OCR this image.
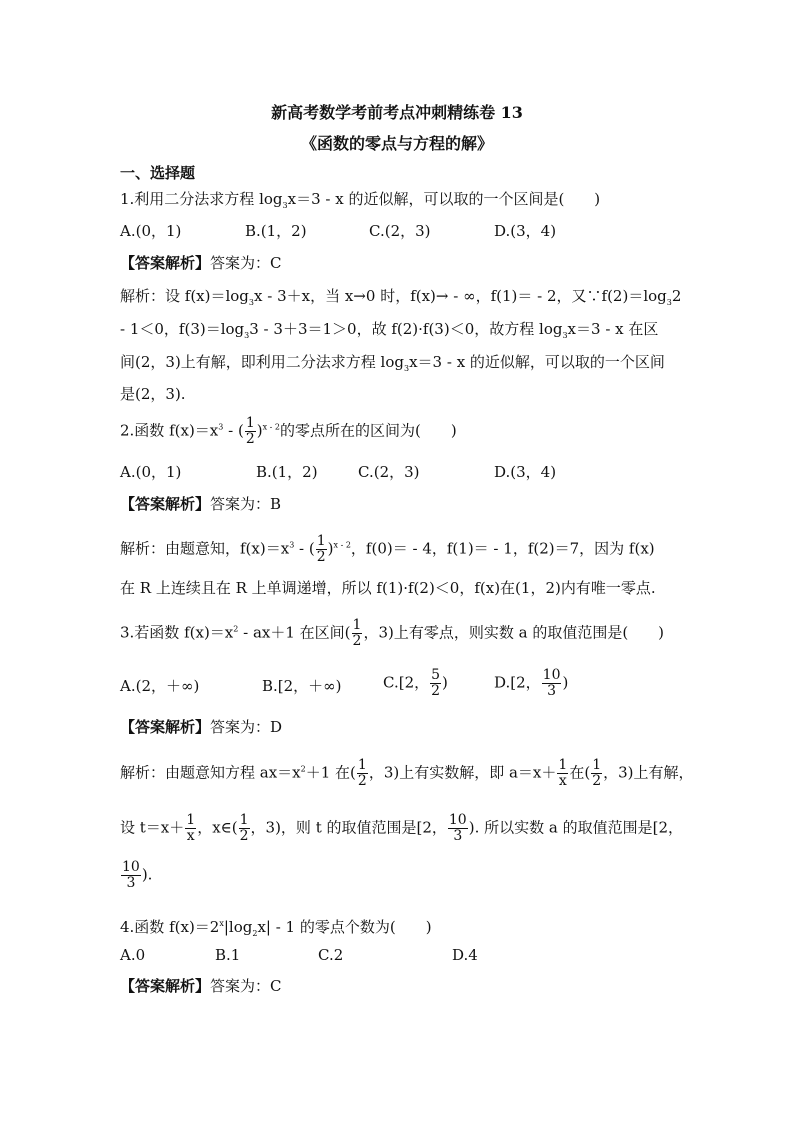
新高考数学考前考点冲刺精练卷 13
《函数的零点与方程的解》
一、选择题
1.利用二分法求方程 $\log_3x=3 - x$ 的近似解，可以取的一个区间是(　　)
A.(0，1)	B.(1，2)	C.(2，3)	D.(3，4)
【答案解析】答案为：C
解析：设 $f(x)=\log_3x - 3+x$，当 x→0 时，f(x)→ - ∞，f(1)＝ - 2，又$\because f(2)=\log_32$
- 1＜0，$f(3)=\log_33 - 3+3=1>0$，故 f(2)·f(3)＜0，故方程 $\log_3x=3 - x$ 在区
间(2，3)上有解，即利用二分法求方程 $\log_3x=3 - x$ 的近似解，可以取的一个区间
是(2，3).
2.函数 $f(x)=x^3$ - ( $\frac{1}{2} )^{x - 2}$的零点所在的区间为(　　)
A.(0，1)	B.(1，2)	C.(2，3)	D.(3，4)
【答案解析】答案为：B
解析：由题意知，$f(x)=x^3$ - ( $\frac{1}{2} )^{x - 2}$，f(0)＝ - 4，f(1)＝ - 1，f(2)＝7，因为 f(x)
在 R 上连续且在 R 上单调递增，所以 f(1)·f(2)＜0，f(x)在(1，2)内有唯一零点.
3.若函数 $f(x)=x^2 - ax+1$ 在区间( $\frac{1}{2}$ ，3)上有零点，则实数 a 的取值范围是(　　)
A.(2，＋∞)	B.[2，＋∞)	C.[2， $\frac{5}{2}$ )	D.[2， $\frac{10}{3}$ )
【答案解析】答案为：D
解析：由题意知方程 $ax=x^2+1$ 在( $\frac{1}{2}$ ，3)上有实数解，即 $a=x+ \frac{1}{x}$ 在( $\frac{1}{2}$ ，3)上有解，
设 $t=x+ \frac{1}{x}$ ，x∈( $\frac{1}{2}$ ，3)，则 t 的取值范围是[2， $\frac{10}{3}$ ). 所以实数 a 的取值范围是[2，
$\frac{10}{3}$ ).
4.函数 $f(x)=2^x|\log_2x| - 1$ 的零点个数为(　　)
A.0	B.1	C.2	D.4
【答案解析】答案为：C
